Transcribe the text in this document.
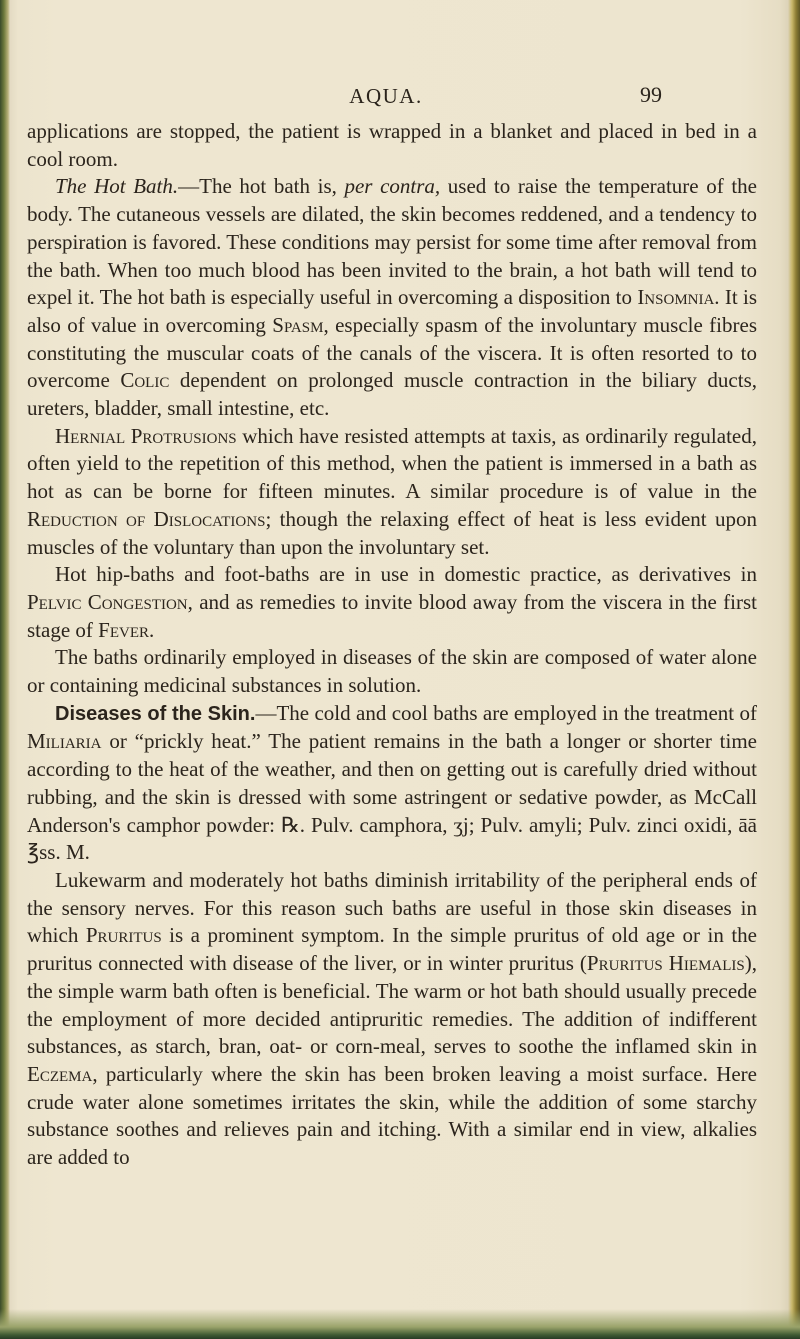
AQUA.	99

applications are stopped, the patient is wrapped in a blanket and placed in bed in a cool room.

The Hot Bath.—The hot bath is, per contra, used to raise the temperature of the body. The cutaneous vessels are dilated, the skin becomes reddened, and a tendency to perspiration is favored. These conditions may persist for some time after removal from the bath. When too much blood has been invited to the brain, a hot bath will tend to expel it. The hot bath is especially useful in overcoming a disposition to Insomnia. It is also of value in overcoming Spasm, especially spasm of the involuntary muscle fibres constituting the muscular coats of the canals of the viscera. It is often resorted to to overcome Colic dependent on prolonged muscle contraction in the biliary ducts, ureters, bladder, small intestine, etc.

Hernial Protrusions which have resisted attempts at taxis, as ordinarily regulated, often yield to the repetition of this method, when the patient is immersed in a bath as hot as can be borne for fifteen minutes. A similar procedure is of value in the Reduction of Dislocations; though the relaxing effect of heat is less evident upon muscles of the voluntary than upon the involuntary set.

Hot hip-baths and foot-baths are in use in domestic practice, as derivatives in Pelvic Congestion, and as remedies to invite blood away from the viscera in the first stage of Fever.

The baths ordinarily employed in diseases of the skin are composed of water alone or containing medicinal substances in solution.

Diseases of the Skin.—The cold and cool baths are employed in the treatment of Miliaria or “prickly heat.” The patient remains in the bath a longer or shorter time according to the heat of the weather, and then on getting out is carefully dried without rubbing, and the skin is dressed with some astringent or sedative powder, as McCall Anderson's camphor powder: ℞. Pulv. camphora, ʒj; Pulv. amyli; Pulv. zinci oxidi, āā ℥ss. M.

Lukewarm and moderately hot baths diminish irritability of the peripheral ends of the sensory nerves. For this reason such baths are useful in those skin diseases in which Pruritus is a prominent symptom. In the simple pruritus of old age or in the pruritus connected with disease of the liver, or in winter pruritus (Pruritus Hiemalis), the simple warm bath often is beneficial. The warm or hot bath should usually precede the employment of more decided antipruritic remedies. The addition of indifferent substances, as starch, bran, oat- or corn-meal, serves to soothe the inflamed skin in Eczema, particularly where the skin has been broken leaving a moist surface. Here crude water alone sometimes irritates the skin, while the addition of some starchy substance soothes and relieves pain and itching. With a similar end in view, alkalies are added to
